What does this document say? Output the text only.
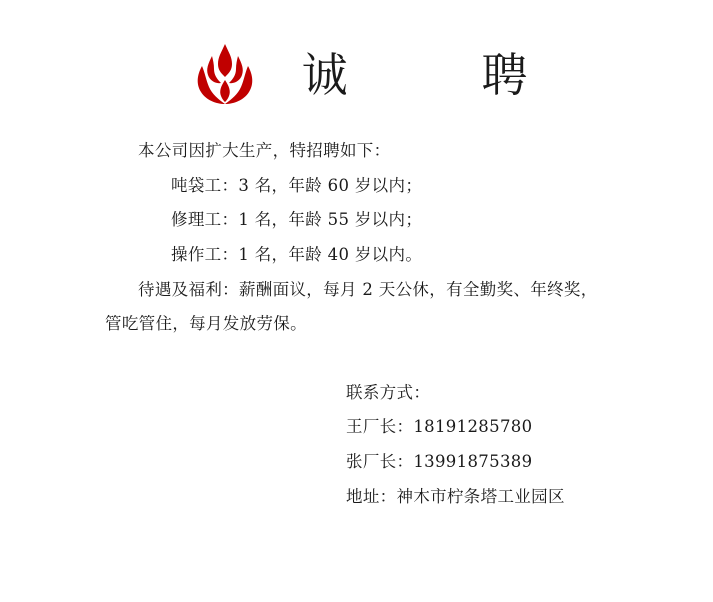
诚        聘
本公司因扩大生产，特招聘如下：
吨袋工：3 名，年龄 60 岁以内；
修理工：1 名，年龄 55 岁以内；
操作工：1 名，年龄 40 岁以内。
待遇及福利：薪酬面议，每月 2 天公休，有全勤奖、年终奖，管吃管住，每月发放劳保。
联系方式：
王厂长：18191285780
张厂长：13991875389
地址：神木市柠条塔工业园区
